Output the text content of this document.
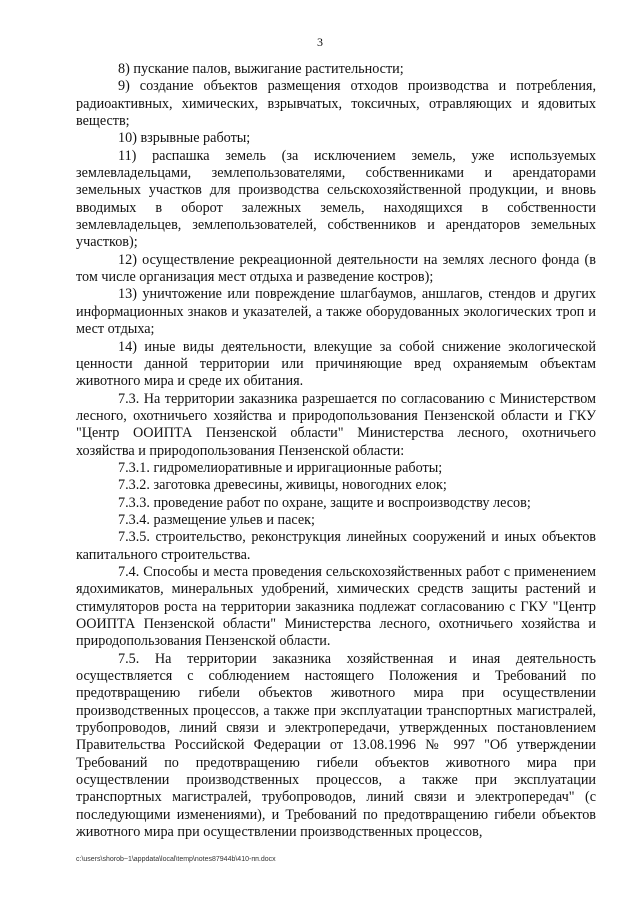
3

8) пускание палов, выжигание растительности;

9) создание объектов размещения отходов производства и потребления, радиоактивных, химических, взрывчатых, токсичных, отравляющих и ядовитых веществ;

10) взрывные работы;

11) распашка земель (за исключением земель, уже используемых землевладельцами, землепользователями, собственниками и арендаторами земельных участков для производства сельскохозяйственной продукции, и вновь вводимых в оборот залежных земель, находящихся в собственности землевладельцев, землепользователей, собственников и арендаторов земельных участков);

12) осуществление рекреационной деятельности на землях лесного фонда (в том числе организация мест отдыха и разведение костров);

13) уничтожение или повреждение шлагбаумов, аншлагов, стендов и других информационных знаков и указателей, а также оборудованных экологических троп и мест отдыха;

14) иные виды деятельности, влекущие за собой снижение экологической ценности данной территории или причиняющие вред охраняемым объектам животного мира и среде их обитания.

7.3. На территории заказника разрешается по согласованию с Министерством лесного, охотничьего хозяйства и природопользования Пензенской области и ГКУ "Центр ООИПТА Пензенской области" Министерства лесного, охотничьего хозяйства и природопользования Пензенской области:

7.3.1. гидромелиоративные и ирригационные работы;

7.3.2. заготовка древесины, живицы, новогодних елок;

7.3.3. проведение работ по охране, защите и воспроизводству лесов;

7.3.4. размещение ульев и пасек;

7.3.5. строительство, реконструкция линейных сооружений и иных объектов капитального строительства.

7.4. Способы и места проведения сельскохозяйственных работ с применением ядохимикатов, минеральных удобрений, химических средств защиты растений и стимуляторов роста на территории заказника подлежат согласованию с ГКУ "Центр ООИПТА Пензенской области" Министерства лесного, охотничьего хозяйства и природопользования Пензенской области.

7.5. На территории заказника хозяйственная и иная деятельность осуществляется с соблюдением настоящего Положения и Требований по предотвращению гибели объектов животного мира при осуществлении производственных процессов, а также при эксплуатации транспортных магистралей, трубопроводов, линий связи и электропередачи, утвержденных постановлением Правительства Российской Федерации от 13.08.1996 № 997 "Об утверждении Требований по предотвращению гибели объектов животного мира при осуществлении производственных процессов, а также при эксплуатации транспортных магистралей, трубопроводов, линий связи и электропередач" (с последующими изменениями), и Требований по предотвращению гибели объектов животного мира при осуществлении производственных процессов,

c:\users\shorob~1\appdata\local\temp\notes87944b\410-пп.docx
